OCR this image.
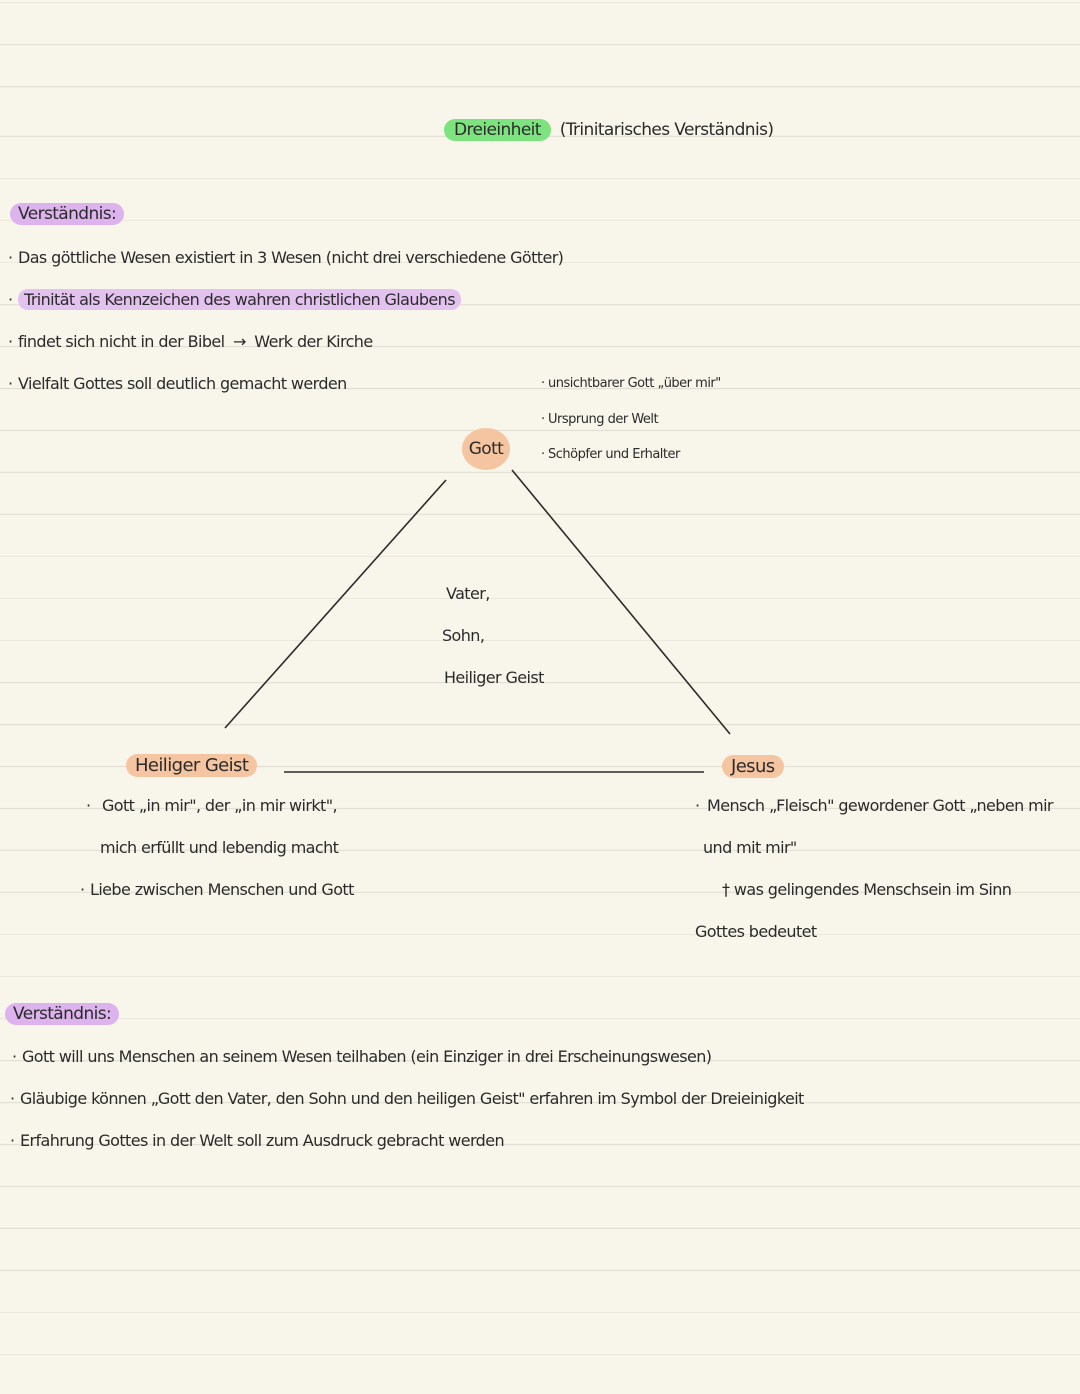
Dreieinheit (Trinitarisches Verständnis)
Verständnis:
· Das göttliche Wesen existiert in 3 Wesen (nicht drei verschiedene Götter)
· Trinität als Kennzeichen des wahren christlichen Glaubens
· findet sich nicht in der Bibel → Werk der Kirche
· Vielfalt Gottes soll deutlich gemacht werden
Gott
· unsichtbarer Gott „über mir"
· Ursprung der Welt
· Schöpfer und Erhalter
Vater,
Sohn,
Heiliger Geist
Heiliger Geist
· Gott „in mir", der „in mir wirkt",
mich erfüllt und lebendig macht
· Liebe zwischen Menschen und Gott
Jesus
· Mensch „Fleisch" gewordener Gott „neben mir
und mit mir"
† was gelingendes Menschsein im Sinn
Gottes bedeutet
Verständnis:
· Gott will uns Menschen an seinem Wesen teilhaben (ein Einziger in drei Erscheinungswesen)
· Gläubige können „Gott den Vater, den Sohn und den heiligen Geist" erfahren im Symbol der Dreieinigkeit
· Erfahrung Gottes in der Welt soll zum Ausdruck gebracht werden
